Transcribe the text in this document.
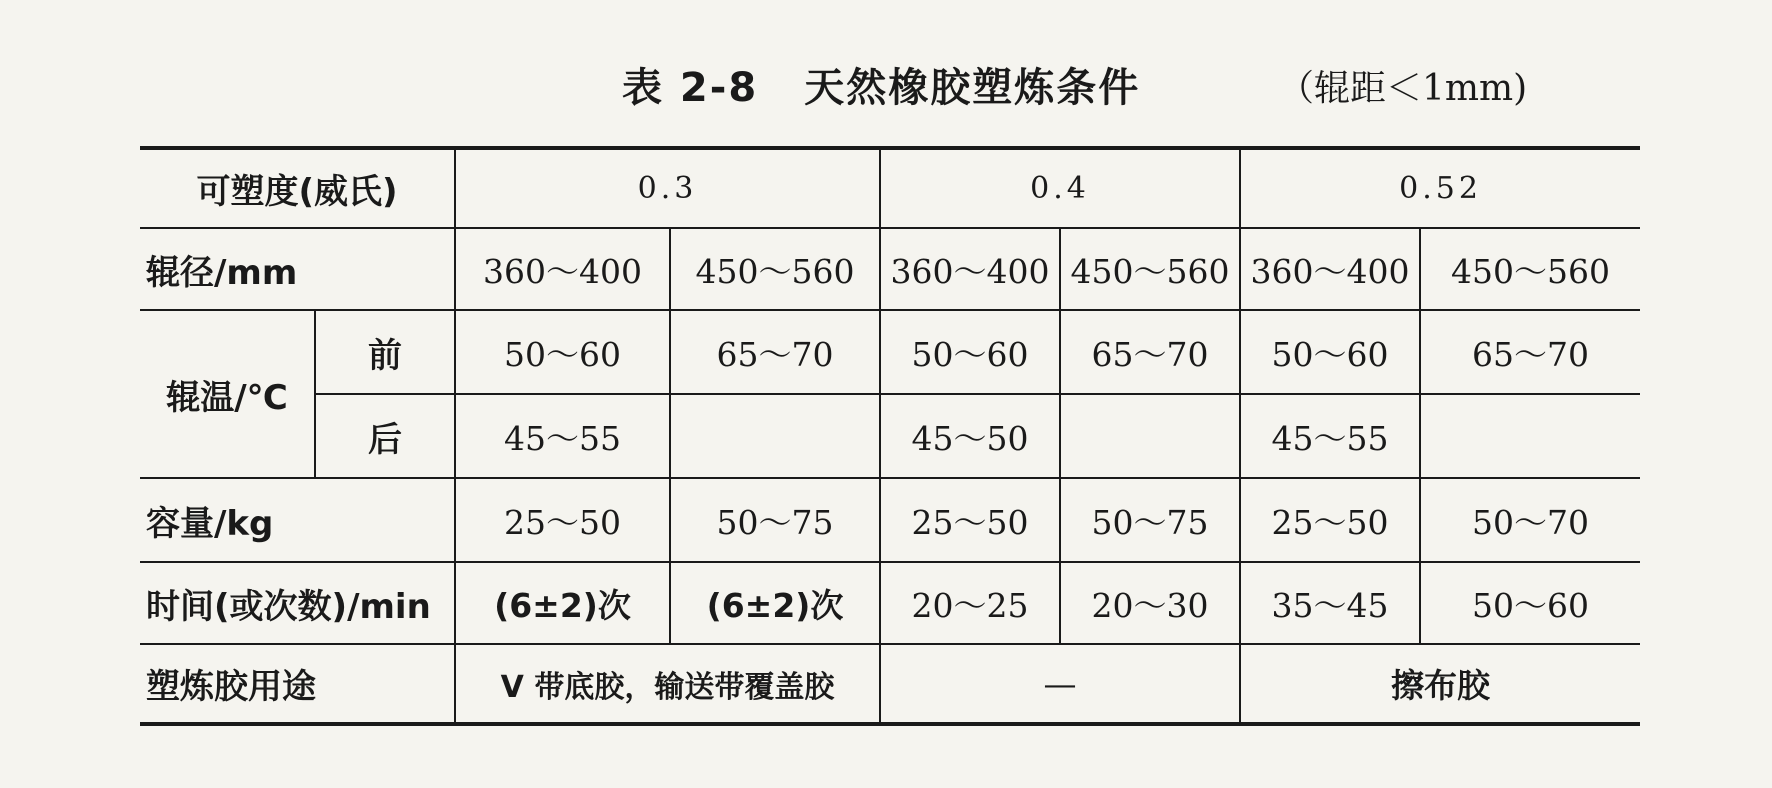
表 2-8 天然橡胶塑炼条件	（辊距＜1mm)
可塑度(威氏)		0.3		0.4		0.52	
辊径/mm		360～400	450～560	360～400	450～560	360～400	450～560
辊温/℃	前	50～60	65～70	50～60	65～70	50～60	65～70
	后	45～55		45～50		45～55	
容量/kg		25～50	50～75	25～50	50～75	25～50	50～70
时间(或次数)/min		(6±2)次	(6±2)次	20～25	20～30	35～45	50～60
塑炼胶用途		V 带底胶，输送带覆盖胶		—		擦布胶	
